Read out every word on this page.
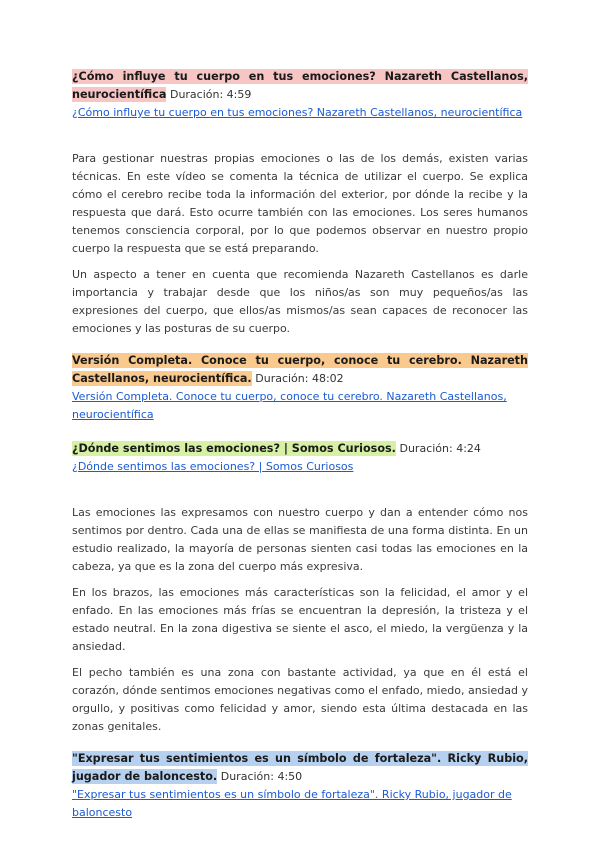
¿Cómo influye tu cuerpo en tus emociones? Nazareth Castellanos, neurocientífica Duración: 4:59

¿Cómo influye tu cuerpo en tus emociones? Nazareth Castellanos, neurocientífica

Para gestionar nuestras propias emociones o las de los demás, existen varias técnicas. En este vídeo se comenta la técnica de utilizar el cuerpo. Se explica cómo el cerebro recibe toda la información del exterior, por dónde la recibe y la respuesta que dará. Esto ocurre también con las emociones. Los seres humanos tenemos consciencia corporal, por lo que podemos observar en nuestro propio cuerpo la respuesta que se está preparando.

Un aspecto a tener en cuenta que recomienda Nazareth Castellanos es darle importancia y trabajar desde que los niños/as son muy pequeños/as las expresiones del cuerpo, que ellos/as mismos/as sean capaces de reconocer las emociones y las posturas de su cuerpo.

Versión Completa. Conoce tu cuerpo, conoce tu cerebro. Nazareth Castellanos, neurocientífica. Duración: 48:02

Versión Completa. Conoce tu cuerpo, conoce tu cerebro. Nazareth Castellanos, neurocientífica

¿Dónde sentimos las emociones? | Somos Curiosos. Duración: 4:24

¿Dónde sentimos las emociones? | Somos Curiosos

Las emociones las expresamos con nuestro cuerpo y dan a entender cómo nos sentimos por dentro. Cada una de ellas se manifiesta de una forma distinta. En un estudio realizado, la mayoría de personas sienten casi todas las emociones en la cabeza, ya que es la zona del cuerpo más expresiva.

En los brazos, las emociones más características son la felicidad, el amor y el enfado. En las emociones más frías se encuentran la depresión, la tristeza y el estado neutral. En la zona digestiva se siente el asco, el miedo, la vergüenza y la ansiedad.

El pecho también es una zona con bastante actividad, ya que en él está el corazón, dónde sentimos emociones negativas como el enfado, miedo, ansiedad y orgullo, y positivas como felicidad y amor, siendo esta última destacada en las zonas genitales.

"Expresar tus sentimientos es un símbolo de fortaleza". Ricky Rubio, jugador de baloncesto. Duración: 4:50

"Expresar tus sentimientos es un símbolo de fortaleza". Ricky Rubio, jugador de baloncesto
